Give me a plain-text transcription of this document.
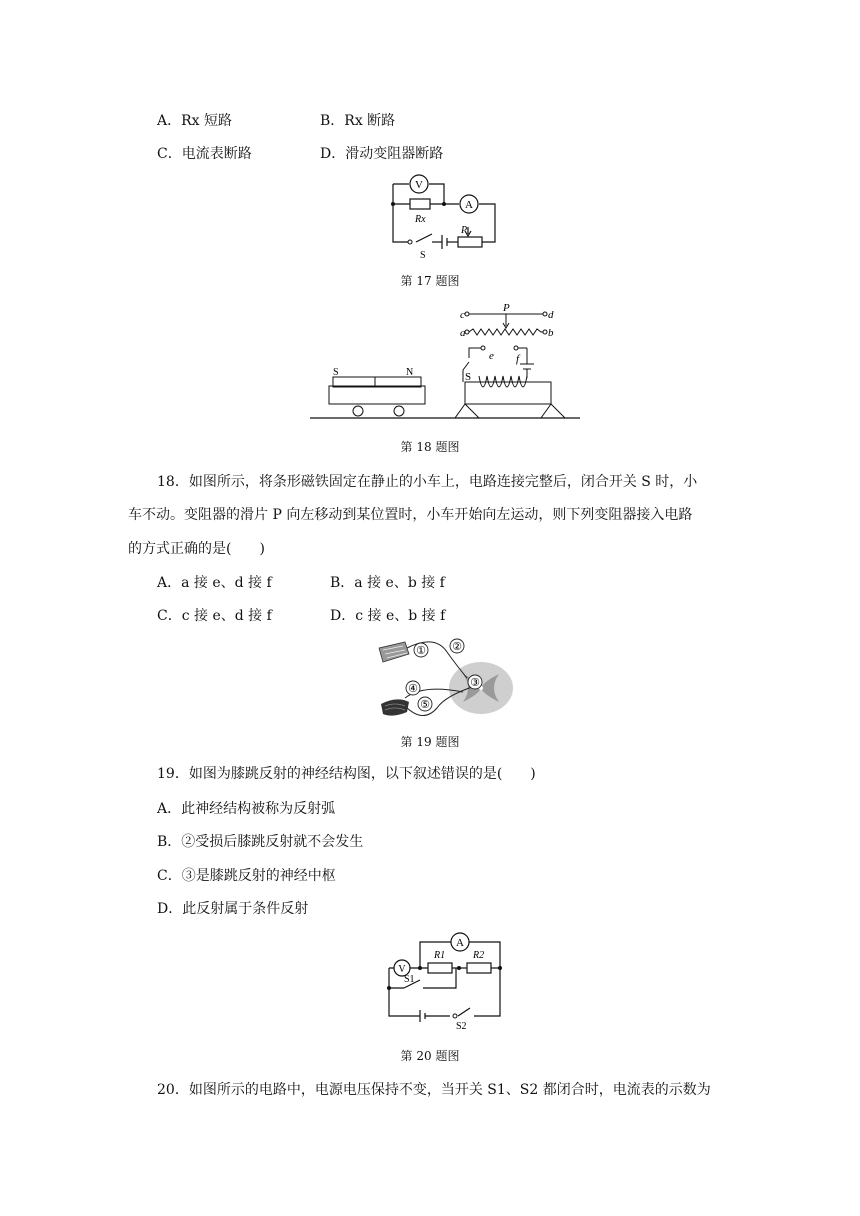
A．Rx 短路	B．Rx 断路
C．电流表断路	D．滑动变阻器断路
V
A
Rx
S
P
第 17 题图
c	d
a	b
P
e f
S
S	N
第 18 题图
18．如图所示，将条形磁铁固定在静止的小车上，电路连接完整后，闭合开关 S 时，小
车不动。变阻器的滑片 P 向左移动到某位置时，小车开始向左运动，则下列变阻器接入电路
的方式正确的是(　　)
A．a 接 e、d 接 f	B．a 接 e、b 接 f
C．c 接 e、d 接 f	D．c 接 e、b 接 f
① ②
③
④
⑤
第 19 题图
19．如图为膝跳反射的神经结构图，以下叙述错误的是(　　)
A．此神经结构被称为反射弧
B．②受损后膝跳反射就不会发生
C．③是膝跳反射的神经中枢
D．此反射属于条件反射
A
V
R1	R2
S1
S2
第 20 题图
20．如图所示的电路中，电源电压保持不变，当开关 S1、S2 都闭合时，电流表的示数为
